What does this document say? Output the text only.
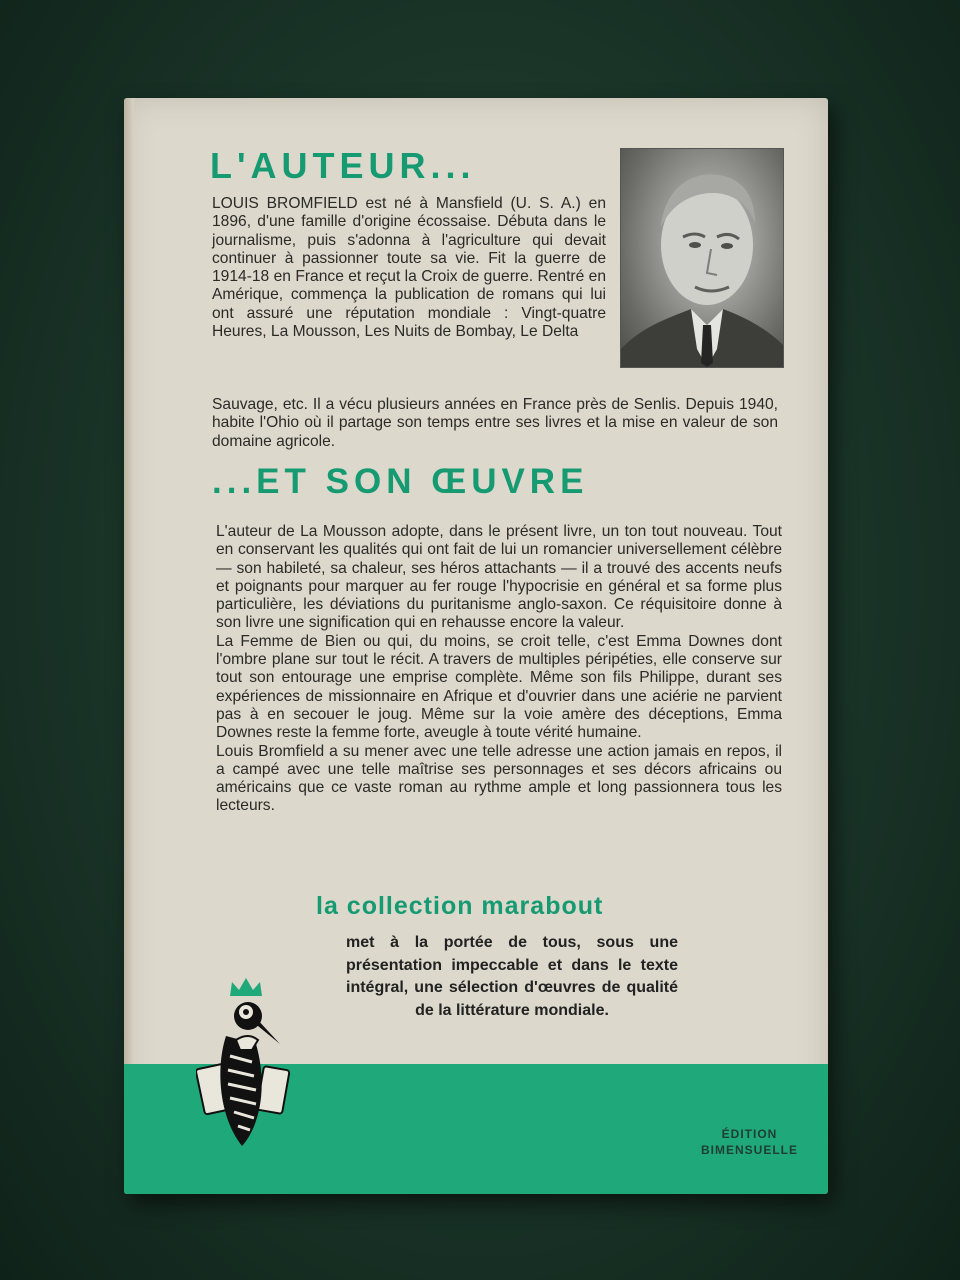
L'AUTEUR...

LOUIS BROMFIELD est né à Mansfield (U. S. A.) en 1896, d'une famille d'origine écossaise. Débuta dans le journalisme, puis s'adonna à l'agriculture qui devait continuer à passionner toute sa vie. Fit la guerre de 1914-18 en France et reçut la Croix de guerre. Rentré en Amérique, commença la publication de romans qui lui ont assuré une réputation mondiale : Vingt-quatre Heures, La Mousson, Les Nuits de Bombay, Le Delta

Sauvage, etc. Il a vécu plusieurs années en France près de Senlis. Depuis 1940, habite l'Ohio où il partage son temps entre ses livres et la mise en valeur de son domaine agricole.

...ET SON ŒUVRE

L'auteur de La Mousson adopte, dans le présent livre, un ton tout nouveau. Tout en conservant les qualités qui ont fait de lui un romancier universellement célèbre — son habileté, sa chaleur, ses héros attachants — il a trouvé des accents neufs et poignants pour marquer au fer rouge l'hypocrisie en général et sa forme plus particulière, les déviations du puritanisme anglo-saxon. Ce réquisitoire donne à son livre une signification qui en rehausse encore la valeur.

La Femme de Bien ou qui, du moins, se croit telle, c'est Emma Downes dont l'ombre plane sur tout le récit. A travers de multiples péripéties, elle conserve sur tout son entourage une emprise complète. Même son fils Philippe, durant ses expériences de missionnaire en Afrique et d'ouvrier dans une aciérie ne parvient pas à en secouer le joug. Même sur la voie amère des déceptions, Emma Downes reste la femme forte, aveugle à toute vérité humaine.

Louis Bromfield a su mener avec une telle adresse une action jamais en repos, il a campé avec une telle maîtrise ses personnages et ses décors africains ou américains que ce vaste roman au rythme ample et long passionnera tous les lecteurs.

la collection marabout

met à la portée de tous, sous une présentation impeccable et dans le texte intégral, une sélection d'œuvres de qualité de la littérature mondiale.

ÉDITION
BIMENSUELLE
